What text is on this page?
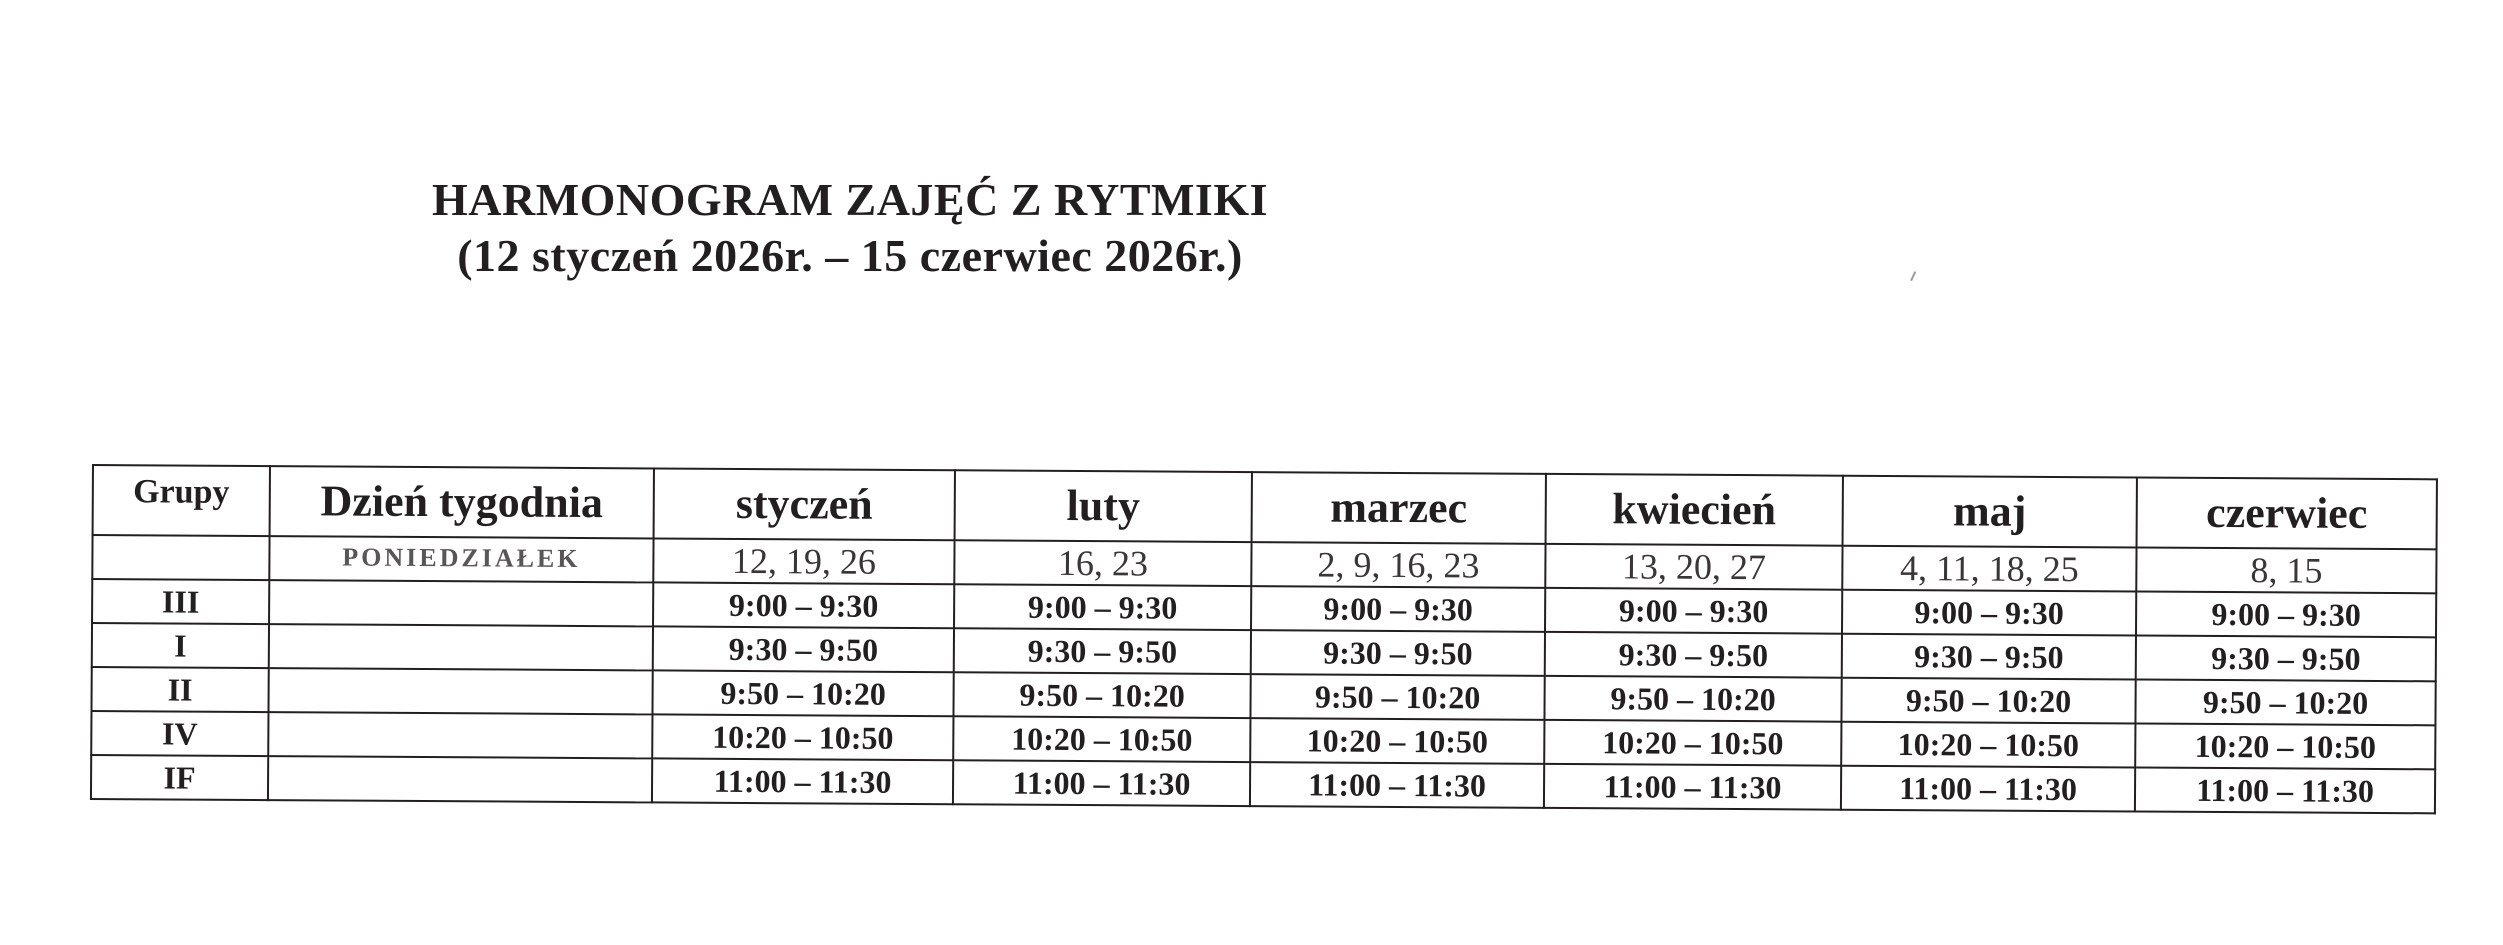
HARMONOGRAM ZAJĘĆ Z RYTMIKI
(12 styczeń 2026r. – 15 czerwiec 2026r.)
Grupy	Dzień tygodnia	styczeń	luty	marzec	kwiecień	maj	czerwiec
	PONIEDZIAŁEK	12, 19, 26	16, 23	2, 9, 16, 23	13, 20, 27	4, 11, 18, 25	8, 15
III		9:00 – 9:30	9:00 – 9:30	9:00 – 9:30	9:00 – 9:30	9:00 – 9:30	9:00 – 9:30
I		9:30 – 9:50	9:30 – 9:50	9:30 – 9:50	9:30 – 9:50	9:30 – 9:50	9:30 – 9:50
II		9:50 – 10:20	9:50 – 10:20	9:50 – 10:20	9:50 – 10:20	9:50 – 10:20	9:50 – 10:20
IV		10:20 – 10:50	10:20 – 10:50	10:20 – 10:50	10:20 – 10:50	10:20 – 10:50	10:20 – 10:50
IF		11:00 – 11:30	11:00 – 11:30	11:00 – 11:30	11:00 – 11:30	11:00 – 11:30	11:00 – 11:30
